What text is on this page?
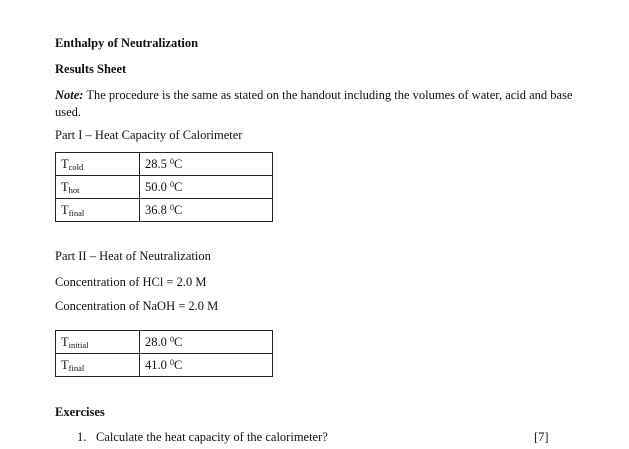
Enthalpy of Neutralization
Results Sheet
Note: The procedure is the same as stated on the handout including the volumes of water, acid and base used.
Part I – Heat Capacity of Calorimeter
$T_{cold}$	28.5 $^0$C
$T_{hot}$	50.0 $^0$C
$T_{final}$	36.8 $^0$C
Part II – Heat of Neutralization
Concentration of HCl = 2.0 M
Concentration of NaOH = 2.0 M
$T_{initial}$	28.0 $^0$C
$T_{final}$	41.0 $^0$C
Exercises
1. Calculate the heat capacity of the calorimeter?	[7]
